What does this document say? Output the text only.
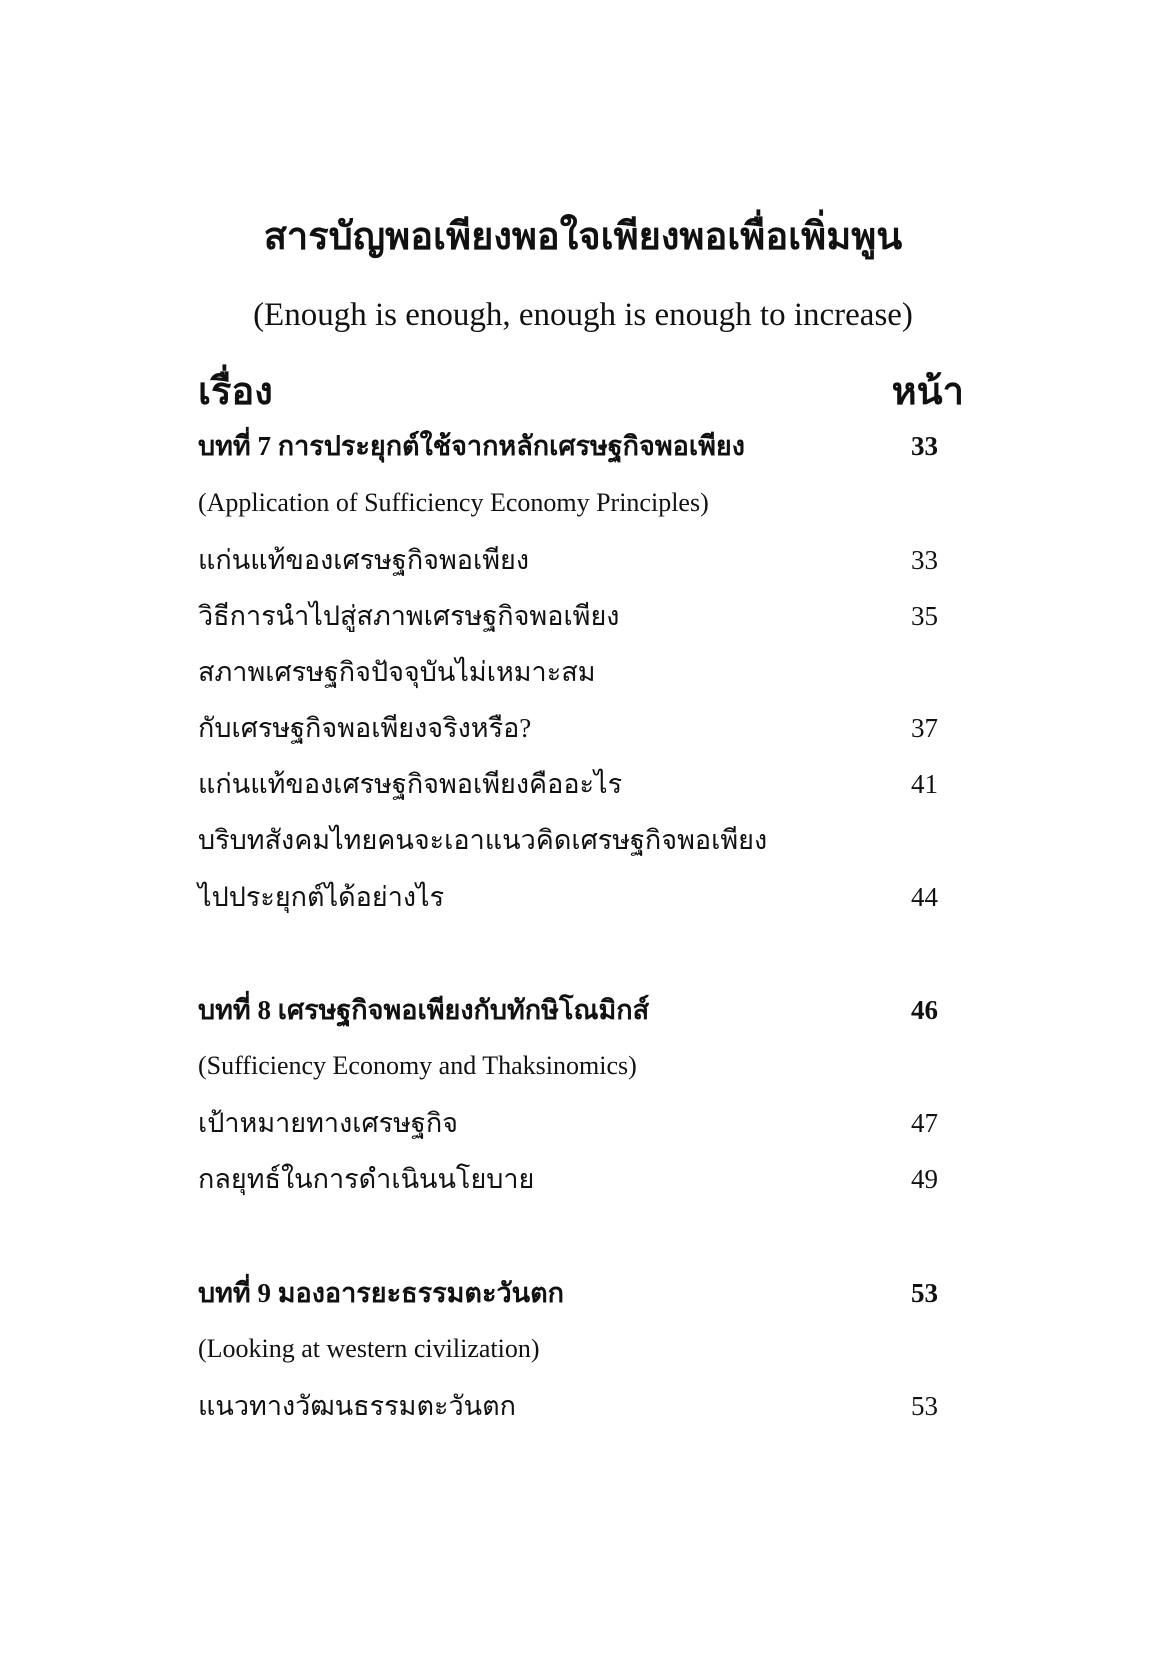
สารบัญพอเพียงพอใจเพียงพอเพื่อเพิ่มพูน
(Enough is enough, enough is enough to increase)
เรื่อง	หน้า
บทที่ 7 การประยุกต์ใช้จากหลักเศรษฐกิจพอเพียง	33
(Application of Sufficiency Economy Principles)
แก่นแท้ของเศรษฐกิจพอเพียง	33
วิธีการนำไปสู่สภาพเศรษฐกิจพอเพียง	35
สภาพเศรษฐกิจปัจจุบันไม่เหมาะสม
กับเศรษฐกิจพอเพียงจริงหรือ?	37
แก่นแท้ของเศรษฐกิจพอเพียงคืออะไร	41
บริบทสังคมไทยคนจะเอาแนวคิดเศรษฐกิจพอเพียง
ไปประยุกต์ได้อย่างไร	44
บทที่ 8 เศรษฐกิจพอเพียงกับทักษิโณมิกส์	46
(Sufficiency Economy and Thaksinomics)
เป้าหมายทางเศรษฐกิจ	47
กลยุทธ์ในการดำเนินนโยบาย	49
บทที่ 9 มองอารยะธรรมตะวันตก	53
(Looking at western civilization)
แนวทางวัฒนธรรมตะวันตก	53
